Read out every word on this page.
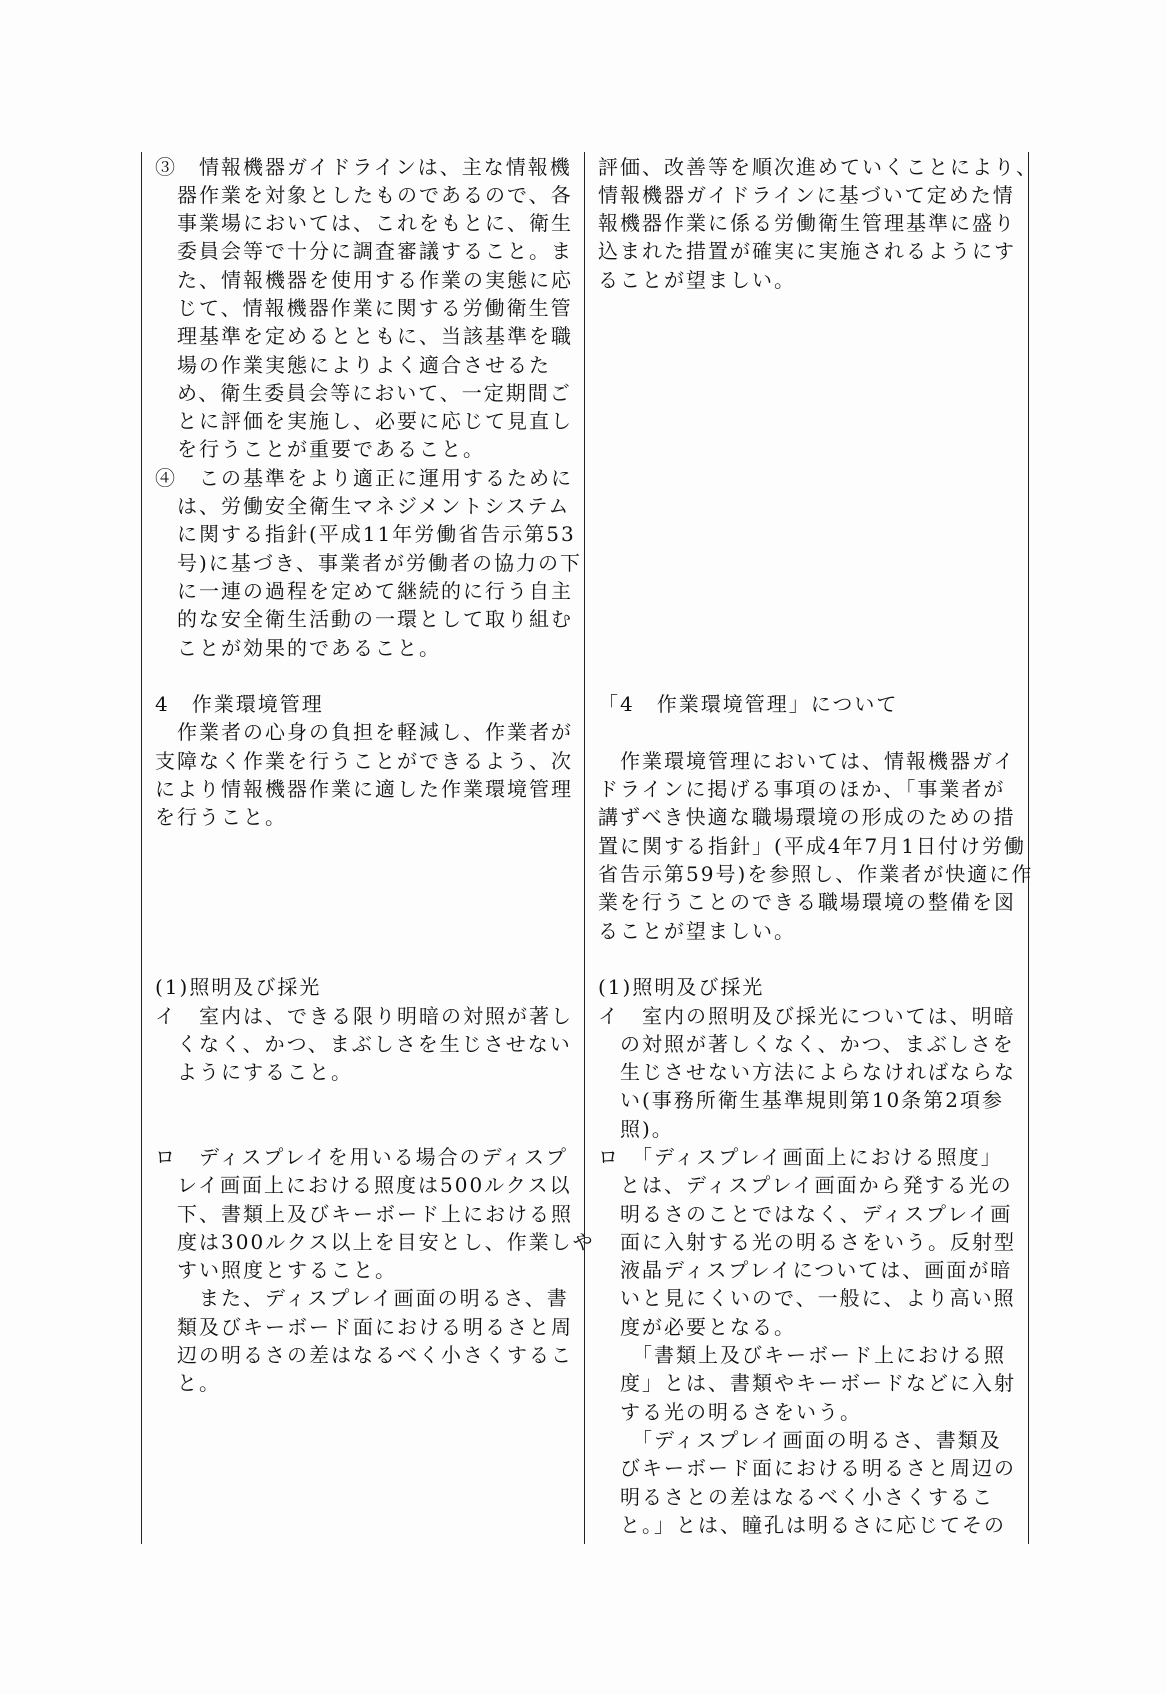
③　情報機器ガイドラインは、主な情報機
　器作業を対象としたものであるので、各
　事業場においては、これをもとに、衛生
　委員会等で十分に調査審議すること。ま
　た、情報機器を使用する作業の実態に応
　じて、情報機器作業に関する労働衛生管
　理基準を定めるとともに、当該基準を職
　場の作業実態によりよく適合させるた
　め、衛生委員会等において、一定期間ご
　とに評価を実施し、必要に応じて見直し
　を行うことが重要であること。
④　この基準をより適正に運用するために
　は、労働安全衛生マネジメントシステム
　に関する指針(平成11年労働省告示第53
　号)に基づき、事業者が労働者の協力の下
　に一連の過程を定めて継続的に行う自主
　的な安全衛生活動の一環として取り組む
　ことが効果的であること。
4　作業環境管理
　作業者の心身の負担を軽減し、作業者が
支障なく作業を行うことができるよう、次
により情報機器作業に適した作業環境管理
を行うこと。
(1)照明及び採光
イ　室内は、できる限り明暗の対照が著し
　くなく、かつ、まぶしさを生じさせない
　ようにすること。
ロ　ディスプレイを用いる場合のディスプ
　レイ画面上における照度は500ルクス以
　下、書類上及びキーボード上における照
　度は300ルクス以上を目安とし、作業しや
　すい照度とすること。
　　また、ディスプレイ画面の明るさ、書
　類及びキーボード面における明るさと周
　辺の明るさの差はなるべく小さくするこ
　と。
評価、改善等を順次進めていくことにより、
情報機器ガイドラインに基づいて定めた情
報機器作業に係る労働衛生管理基準に盛り
込まれた措置が確実に実施されるようにす
ることが望ましい。
「4　作業環境管理」について
　作業環境管理においては、情報機器ガイ
ドラインに掲げる事項のほか、「事業者が
講ずべき快適な職場環境の形成のための措
置に関する指針」(平成4年7月1日付け労働
省告示第59号)を参照し、作業者が快適に作
業を行うことのできる職場環境の整備を図
ることが望ましい。
(1)照明及び採光
イ　室内の照明及び採光については、明暗
　の対照が著しくなく、かつ、まぶしさを
　生じさせない方法によらなければならな
　い(事務所衛生基準規則第10条第2項参
　照)。
ロ　「ディスプレイ画面上における照度」
　とは、ディスプレイ画面から発する光の
　明るさのことではなく、ディスプレイ画
　面に入射する光の明るさをいう。反射型
　液晶ディスプレイについては、画面が暗
　いと見にくいので、一般に、より高い照
　度が必要となる。
　　「書類上及びキーボード上における照
　度」とは、書類やキーボードなどに入射
　する光の明るさをいう。
　　「ディスプレイ画面の明るさ、書類及
　びキーボード面における明るさと周辺の
　明るさとの差はなるべく小さくするこ
　と。」とは、瞳孔は明るさに応じてその
